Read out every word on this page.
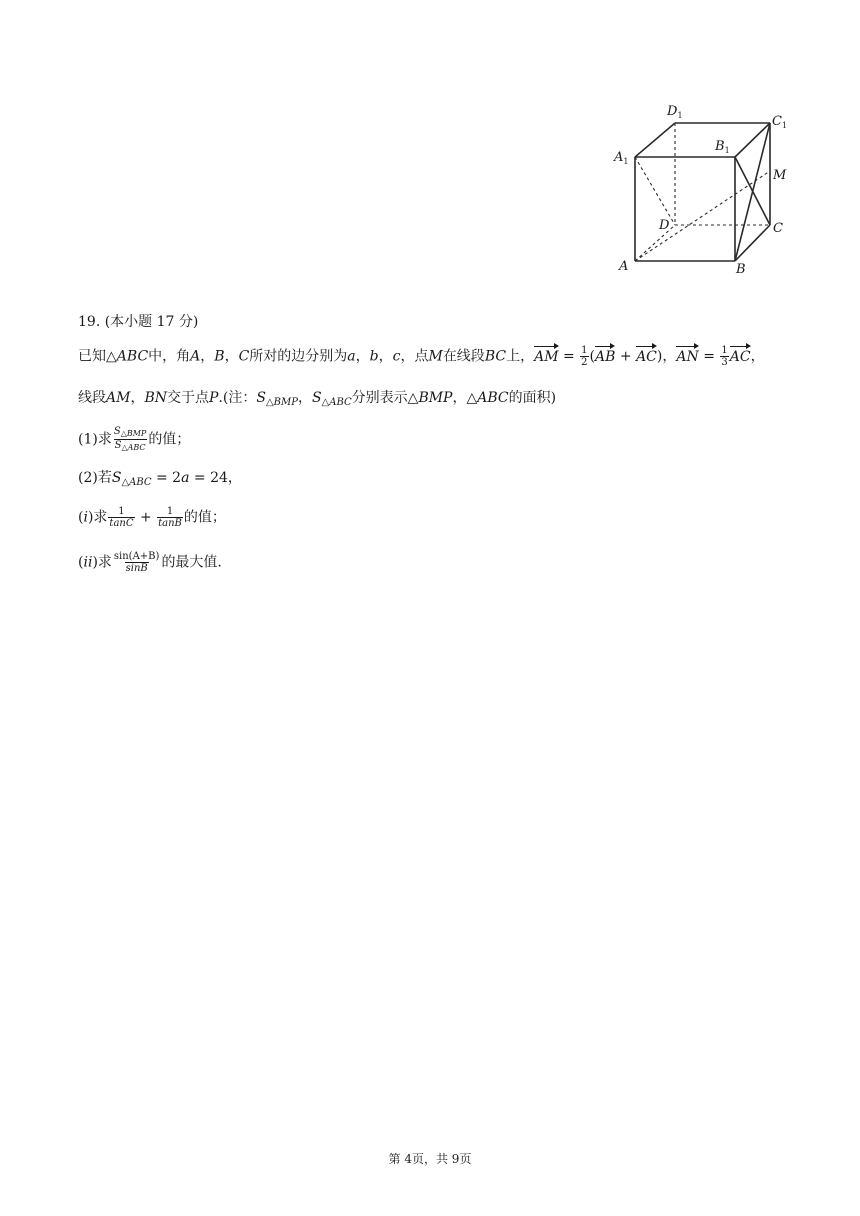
$D_1$	$C_1$
$A_1$
$B_1$
M
D	C
A	B
19. (本小题 17 分)
已知△ABC中，角A，B，C所对的边分别为a，b，c，点M在线段BC上，AM = $\frac{1}{2} (AB + AC)$，AN = $\frac{1}{3}$ AC，
线段AM，BN交于点P.(注：$S_{\triangle BMP}$，$S_{\triangle ABC}$分别表示△BMP，△ABC的面积)
(1)求 $\frac{S_{\triangle BMP}}{S_{\triangle ABC}}$ 的值；
(2)若$S_{\triangle ABC} = 2a = 24$，
(i)求 $\frac{1}{\tan C} + \frac{1}{\tan B}$ 的值；
(ii)求 $\frac{\sin(A+B)}{\sin B}$ 的最大值.
第 4页，共 9页
